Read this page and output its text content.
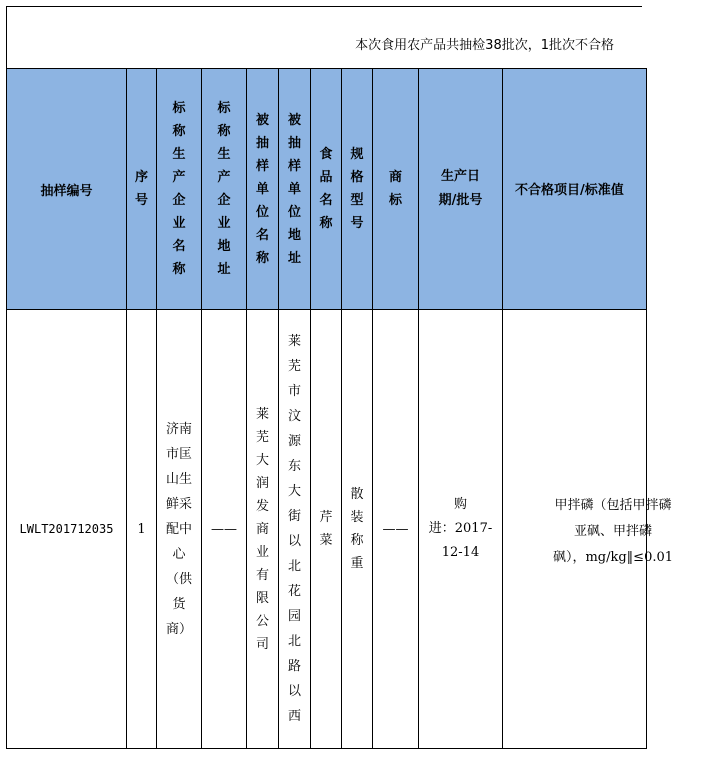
本次食用农产品共抽检38批次，1批次不合格
抽样编号	序号	标称生产企业名称	标称生产企业地址	被抽样单位名称	被抽样单位地址	食品名称	规格型号	商标	生产日
期/批号	不合格项目/标准值

LWLT201712035	1	济南市匡山生鲜采配中心（供货商）	——	莱芜大润发商业有限公司	莱芜市汶源东大街以北花园北路以西	芹菜	散装称重	——	购
进：2017-
12-14	甲拌磷（包括甲拌磷
亚砜、甲拌磷
砜），mg/kg‖≤0.01
